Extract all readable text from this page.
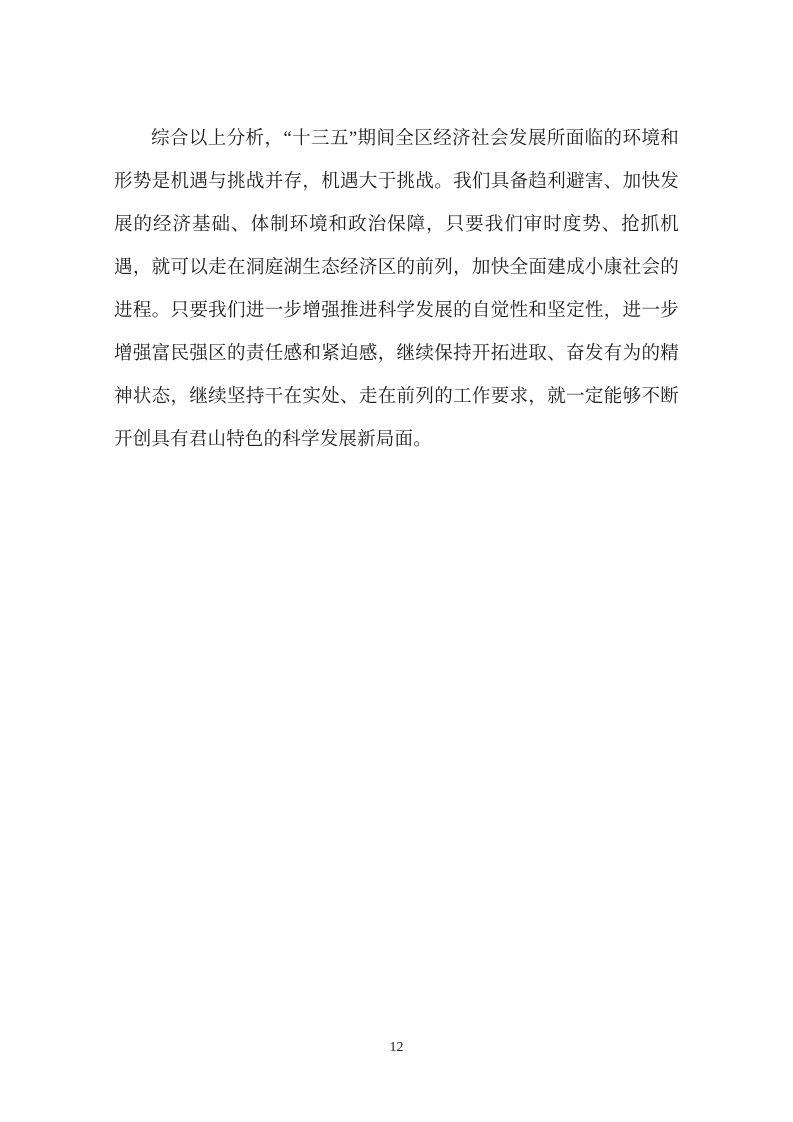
综合以上分析，“十三五”期间全区经济社会发展所面临的环境和形势是机遇与挑战并存，机遇大于挑战。我们具备趋利避害、加快发展的经济基础、体制环境和政治保障，只要我们审时度势、抢抓机遇，就可以走在洞庭湖生态经济区的前列，加快全面建成小康社会的进程。只要我们进一步增强推进科学发展的自觉性和坚定性，进一步增强富民强区的责任感和紧迫感，继续保持开拓进取、奋发有为的精神状态，继续坚持干在实处、走在前列的工作要求，就一定能够不断开创具有君山特色的科学发展新局面。

12
